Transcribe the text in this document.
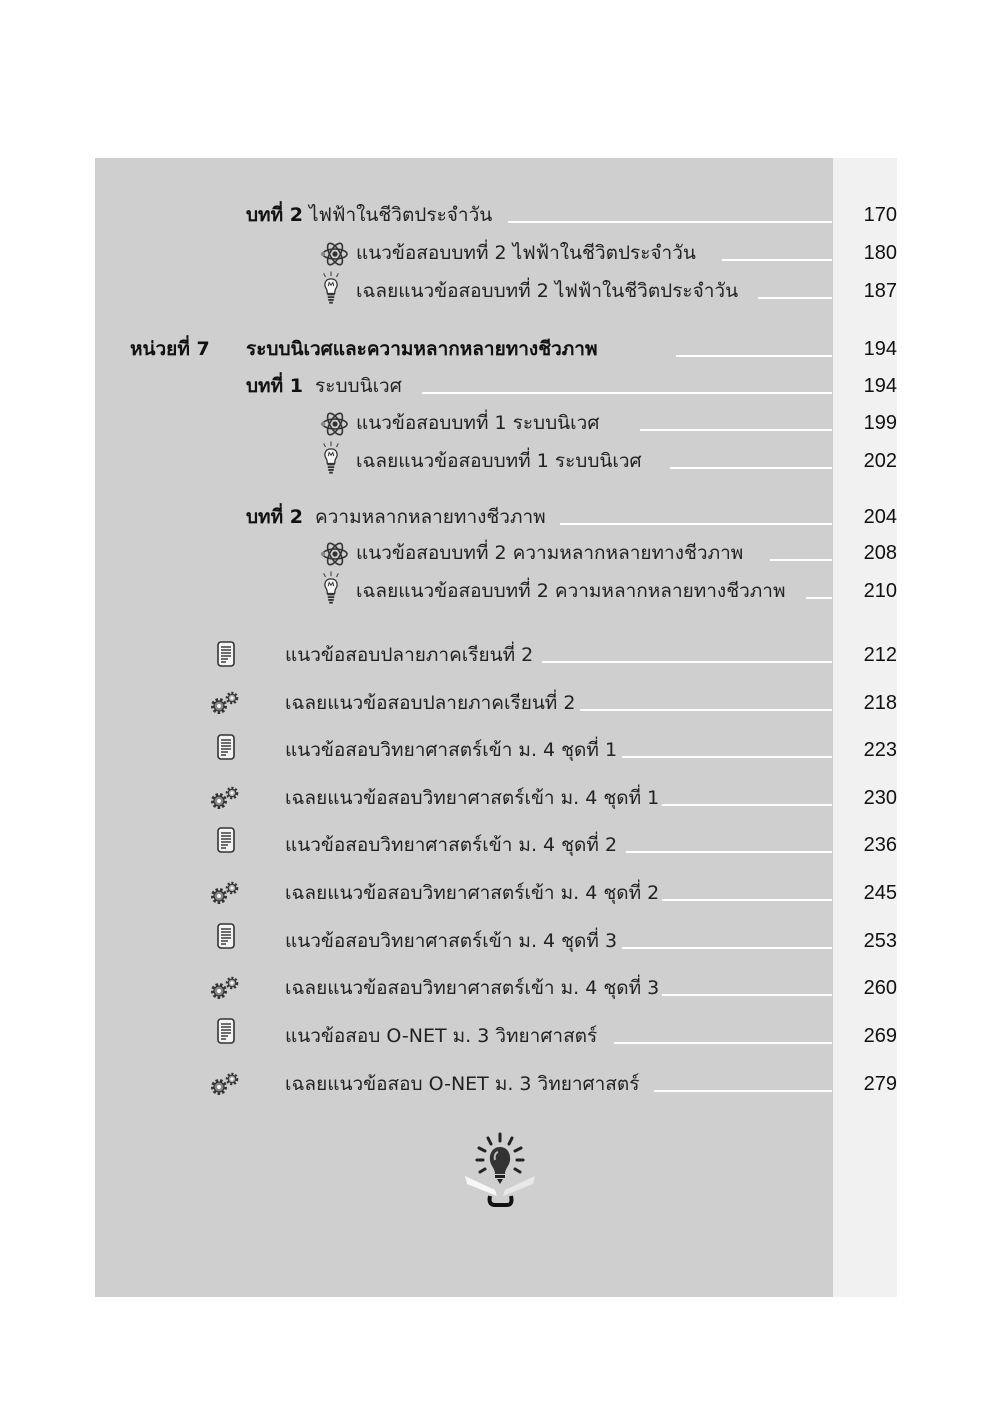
บทที่ 2 ไฟฟ้าในชีวิตประจำวัน	170
แนวข้อสอบบทที่ 2 ไฟฟ้าในชีวิตประจำวัน	180
เฉลยแนวข้อสอบบทที่ 2 ไฟฟ้าในชีวิตประจำวัน	187
หน่วยที่ 7 ระบบนิเวศและความหลากหลายทางชีวภาพ	194
บทที่ 1 ระบบนิเวศ	194
แนวข้อสอบบทที่ 1 ระบบนิเวศ	199
เฉลยแนวข้อสอบบทที่ 1 ระบบนิเวศ	202
บทที่ 2 ความหลากหลายทางชีวภาพ	204
แนวข้อสอบบทที่ 2 ความหลากหลายทางชีวภาพ	208
เฉลยแนวข้อสอบบทที่ 2 ความหลากหลายทางชีวภาพ	210
แนวข้อสอบปลายภาคเรียนที่ 2	212
เฉลยแนวข้อสอบปลายภาคเรียนที่ 2	218
แนวข้อสอบวิทยาศาสตร์เข้า ม. 4 ชุดที่ 1	223
เฉลยแนวข้อสอบวิทยาศาสตร์เข้า ม. 4 ชุดที่ 1	230
แนวข้อสอบวิทยาศาสตร์เข้า ม. 4 ชุดที่ 2	236
เฉลยแนวข้อสอบวิทยาศาสตร์เข้า ม. 4 ชุดที่ 2	245
แนวข้อสอบวิทยาศาสตร์เข้า ม. 4 ชุดที่ 3	253
เฉลยแนวข้อสอบวิทยาศาสตร์เข้า ม. 4 ชุดที่ 3	260
แนวข้อสอบ O-NET ม. 3 วิทยาศาสตร์	269
เฉลยแนวข้อสอบ O-NET ม. 3 วิทยาศาสตร์	279
